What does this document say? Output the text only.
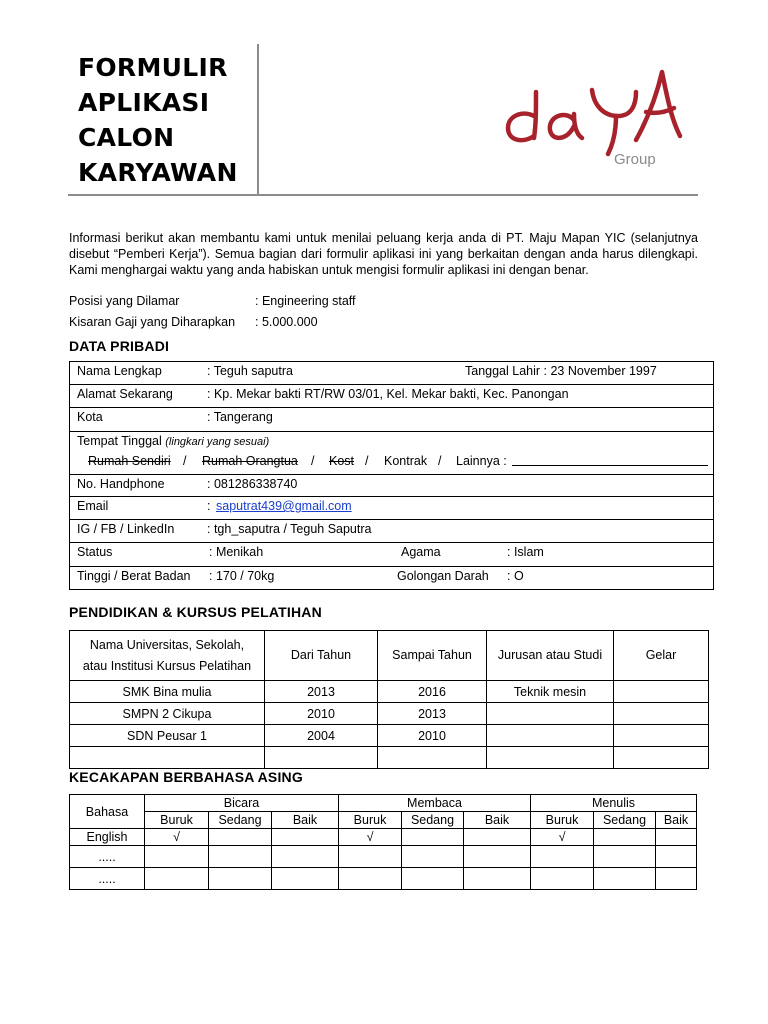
FORMULIR
APLIKASI
CALON
KARYAWAN	Group

Informasi berikut akan membantu kami untuk menilai peluang kerja anda di PT. Maju Mapan YIC (selanjutnya disebut “Pemberi Kerja”). Semua bagian dari formulir aplikasi ini yang berkaitan dengan anda harus dilengkapi. Kami menghargai waktu yang anda habiskan untuk mengisi formulir aplikasi ini dengan benar.

Posisi yang Dilamar	: Engineering staff
Kisaran Gaji yang Diharapkan : 5.000.000
DATA PRIBADI
Nama Lengkap	: Teguh saputra	Tanggal Lahir : 23 November 1997
Alamat Sekarang	: Kp. Mekar bakti RT/RW 03/01, Kel. Mekar bakti, Kec. Panongan
Kota	: Tangerang
Tempat Tinggal (lingkari yang sesuai)
Rumah Sendiri / Rumah Orangtua / Kost / Kontrak / Lainnya :
No. Handphone	: 081286338740
Email	: saputrat439@gmail.com
IG / FB / LinkedIn	: tgh_saputra / Teguh Saputra
Status	: Menikah	Agama	: Islam
Tinggi / Berat Badan : 170 / 70kg	Golongan Darah : O
PENDIDIKAN & KURSUS PELATIHAN
Nama Universitas, Sekolah,
atau Institusi Kursus Pelatihan	Dari Tahun	Sampai Tahun	Jurusan atau Studi	Gelar
SMK Bina mulia	2013	2016	Teknik mesin	
SMPN 2 Cikupa	2010	2013		
SDN Peusar 1	2004	2010		

KECAKAPAN BERBAHASA ASING
Bahasa	Bicara			Membaca			Menulis		
	Buruk	Sedang	Baik	Buruk	Sedang	Baik	Buruk	Sedang	Baik
English	√			√			√		
.....									
.....									
